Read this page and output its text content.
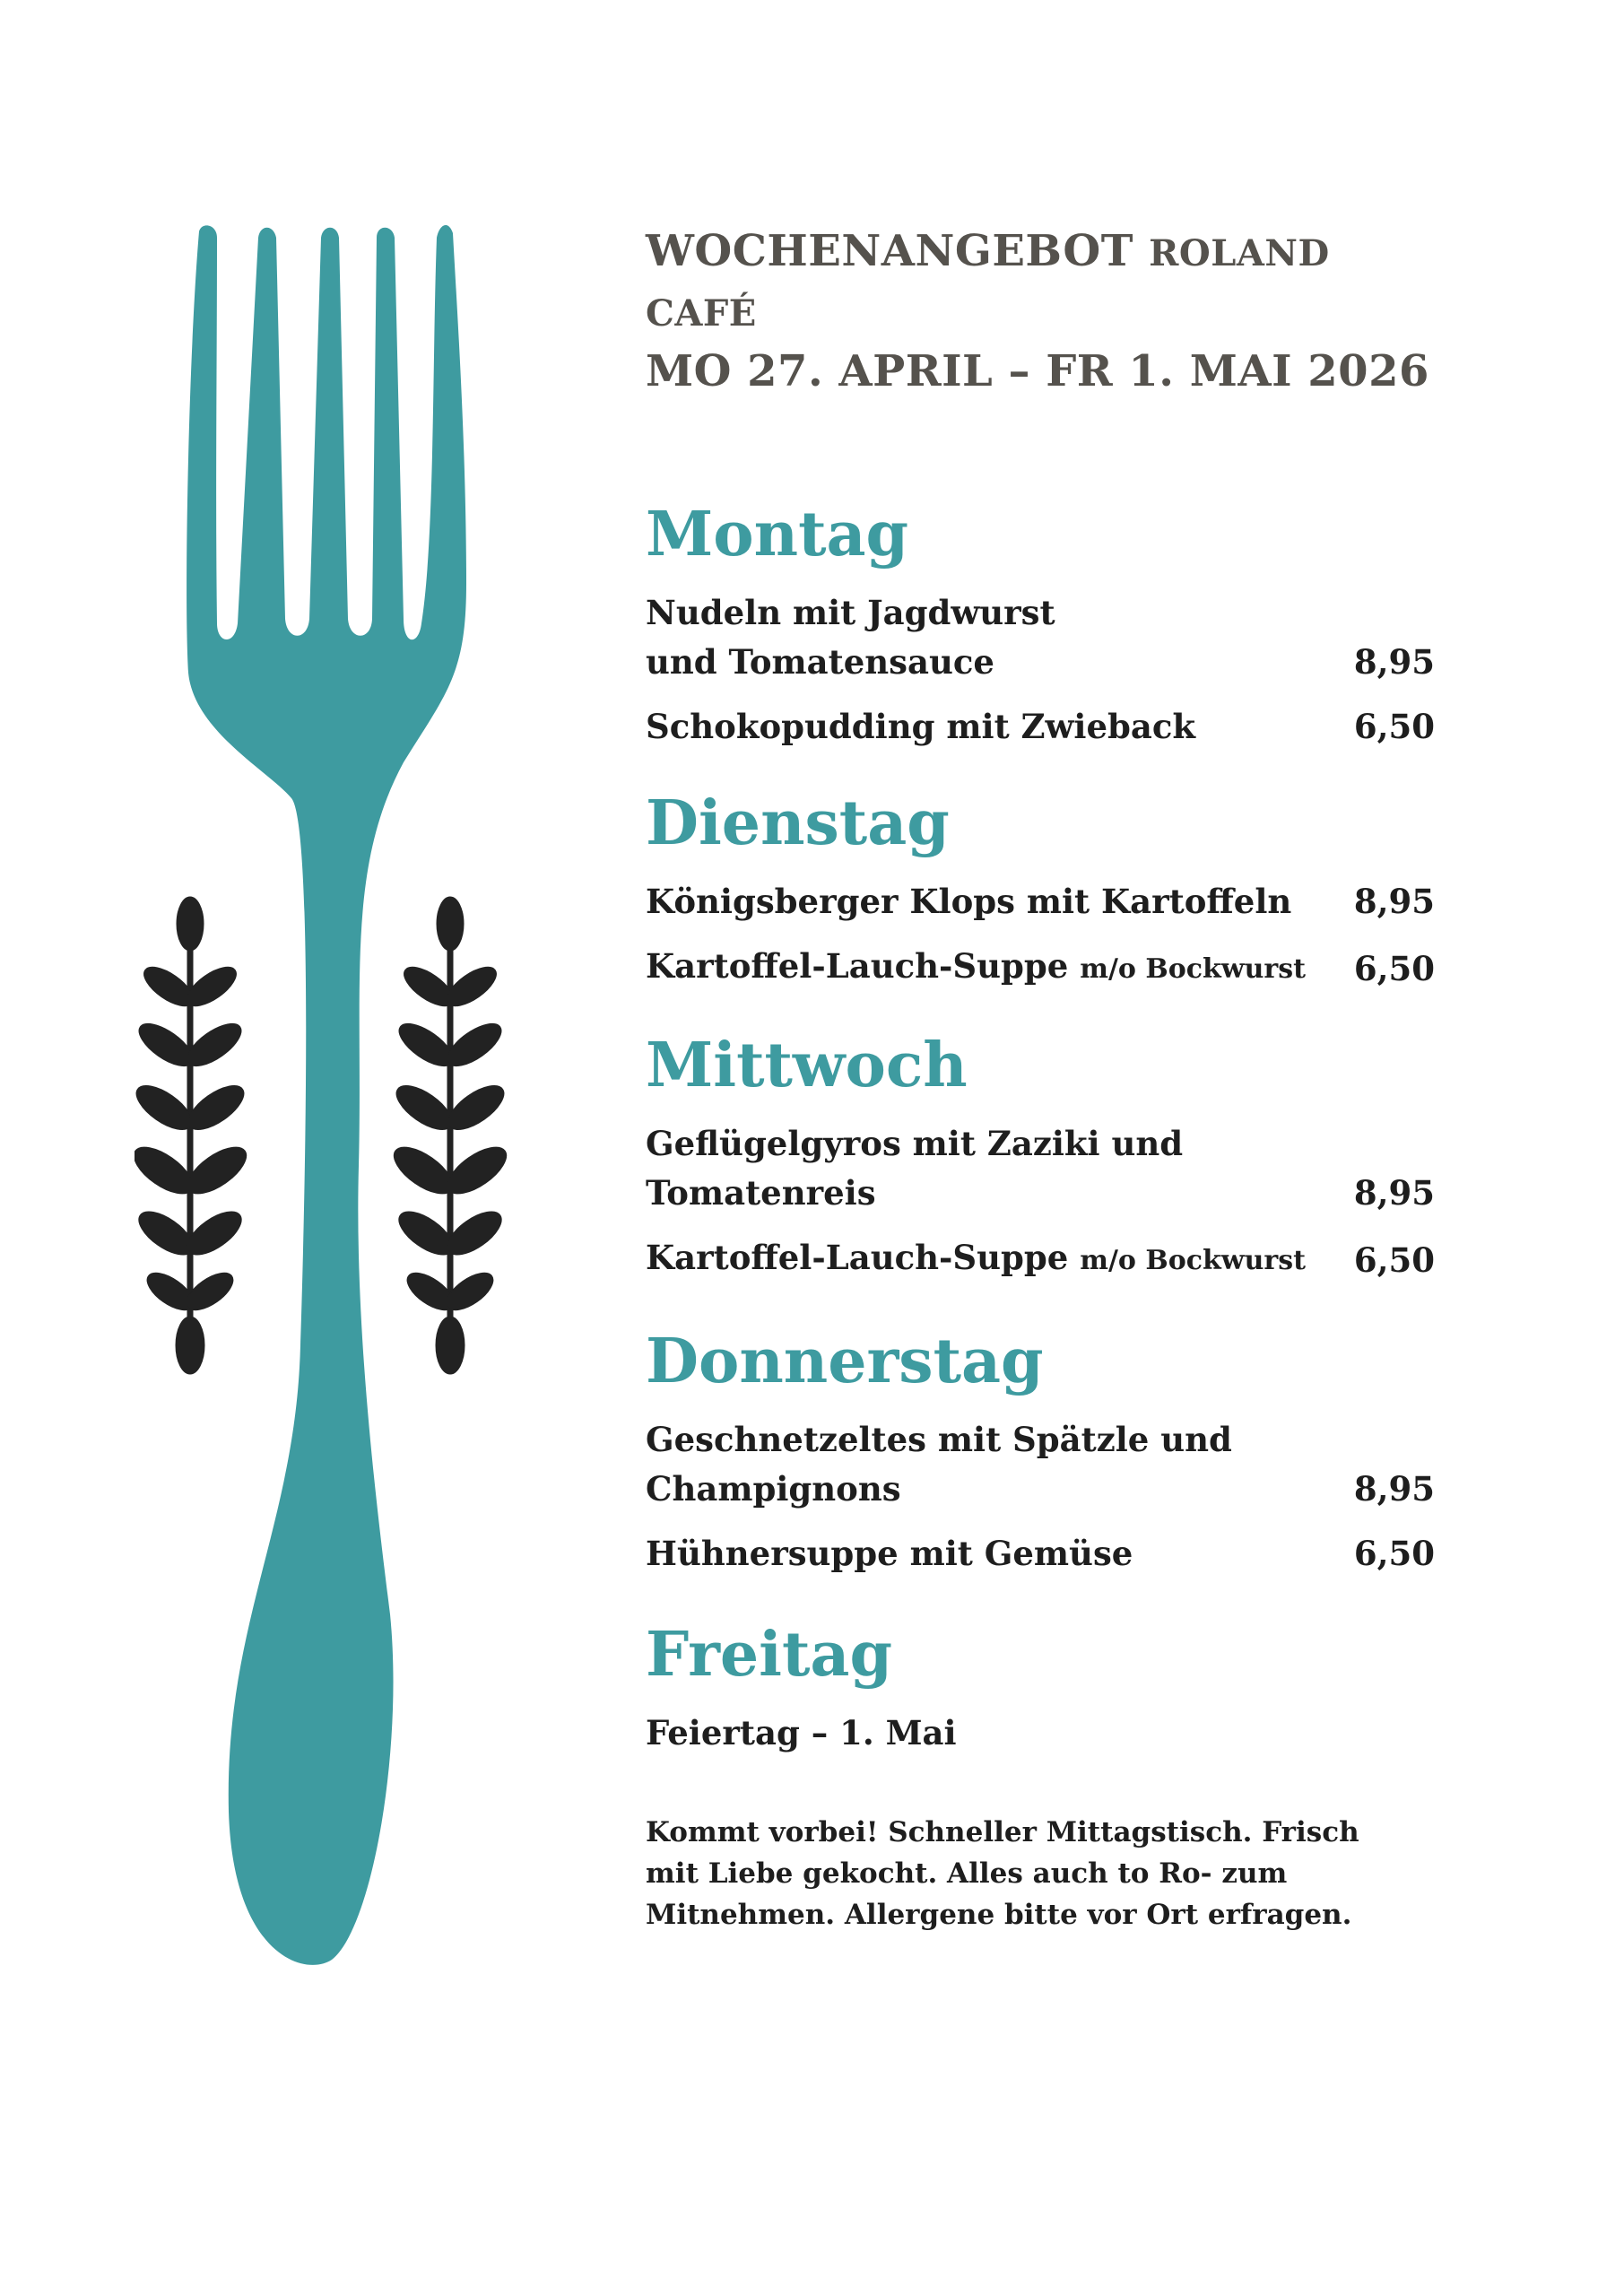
WOCHENANGEBOT ROLAND CAFÉ
MO 27. APRIL – FR 1. MAI 2026
Montag
Nudeln mit Jagdwurst
und Tomatensauce	8,95
Schokopudding mit Zwieback	6,50
Dienstag
Königsberger Klops mit Kartoffeln 8,95
Kartoffel-Lauch-Suppe m/o Bockwurst 6,50
Mittwoch
Geflügelgyros mit Zaziki und
Tomatenreis	8,95
Kartoffel-Lauch-Suppe m/o Bockwurst 6,50
Donnerstag
Geschnetzeltes mit Spätzle und
Champignons	8,95
Hühnersuppe mit Gemüse	6,50
Freitag
Feiertag – 1. Mai
Kommt vorbei! Schneller Mittagstisch. Frisch mit Liebe gekocht. Alles auch to Ro- zum Mitnehmen. Allergene bitte vor Ort erfragen.
